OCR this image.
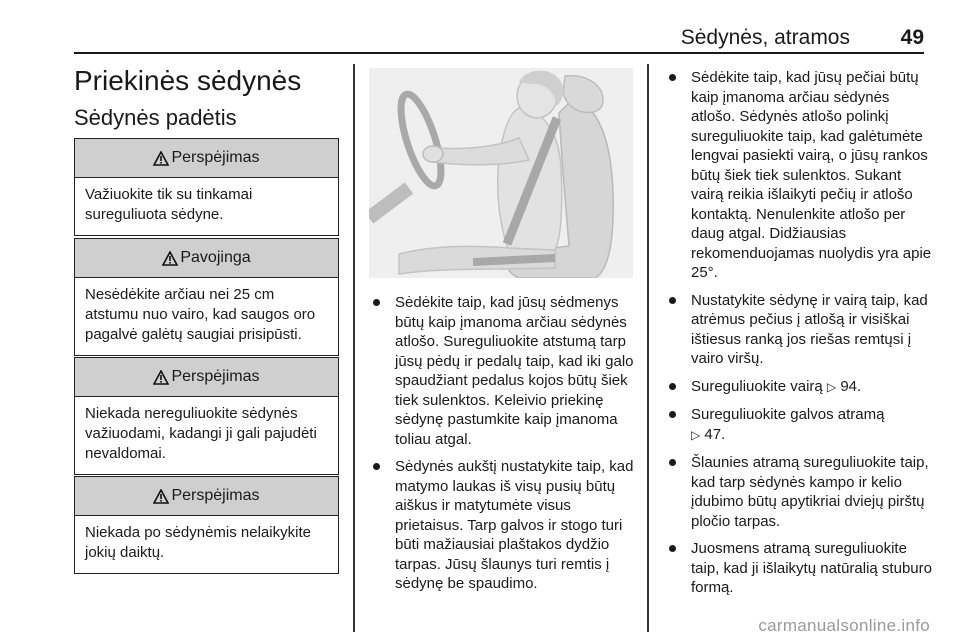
Sėdynės, atramos 49
Priekinės sėdynės
Sėdynės padėtis
Perspėjimas
Važiuokite tik su tinkamai sureguliuota sėdyne.
Pavojinga
Nesėdėkite arčiau nei 25 cm atstumu nuo vairo, kad saugos oro pagalvė galėtų saugiai prisipūsti.
Perspėjimas
Niekada nereguliuokite sėdynės važiuodami, kadangi ji gali pajudėti nevaldomai.
Perspėjimas
Niekada po sėdynėmis nelaikykite jokių daiktų.
Sėdėkite taip, kad jūsų sėdmenys būtų kaip įmanoma arčiau sėdynės atlošo. Sureguliuokite atstumą tarp jūsų pėdų ir pedalų taip, kad iki galo spaudžiant pedalus kojos būtų šiek tiek sulenktos. Keleivio priekinę sėdynę pastumkite kaip įmanoma toliau atgal.
Sėdynės aukštį nustatykite taip, kad matymo laukas iš visų pusių būtų aiškus ir matytumėte visus prietaisus. Tarp galvos ir stogo turi būti mažiausiai plaštakos dydžio tarpas. Jūsų šlaunys turi remtis į sėdynę be spaudimo.
Sėdėkite taip, kad jūsų pečiai būtų kaip įmanoma arčiau sėdynės atlošo. Sėdynės atlošo polinkį sureguliuokite taip, kad galėtumėte lengvai pasiekti vairą, o jūsų rankos būtų šiek tiek sulenktos. Sukant vairą reikia išlaikyti pečių ir atlošo kontaktą. Nenulenkite atlošo per daug atgal. Didžiausias rekomenduojamas nuolydis yra apie 25°.
Nustatykite sėdynę ir vairą taip, kad atrėmus pečius į atlošą ir visiškai ištiesus ranką jos riešas remtųsi į vairo viršų.
Sureguliuokite vairą ▷ 94.
Sureguliuokite galvos atramą
▷ 47.
Šlaunies atramą sureguliuokite taip, kad tarp sėdynės kampo ir kelio įdubimo būtų apytikriai dviejų pirštų pločio tarpas.
Juosmens atramą sureguliuokite taip, kad ji išlaikytų natūralią stuburo formą.
carmanualsonline.info
